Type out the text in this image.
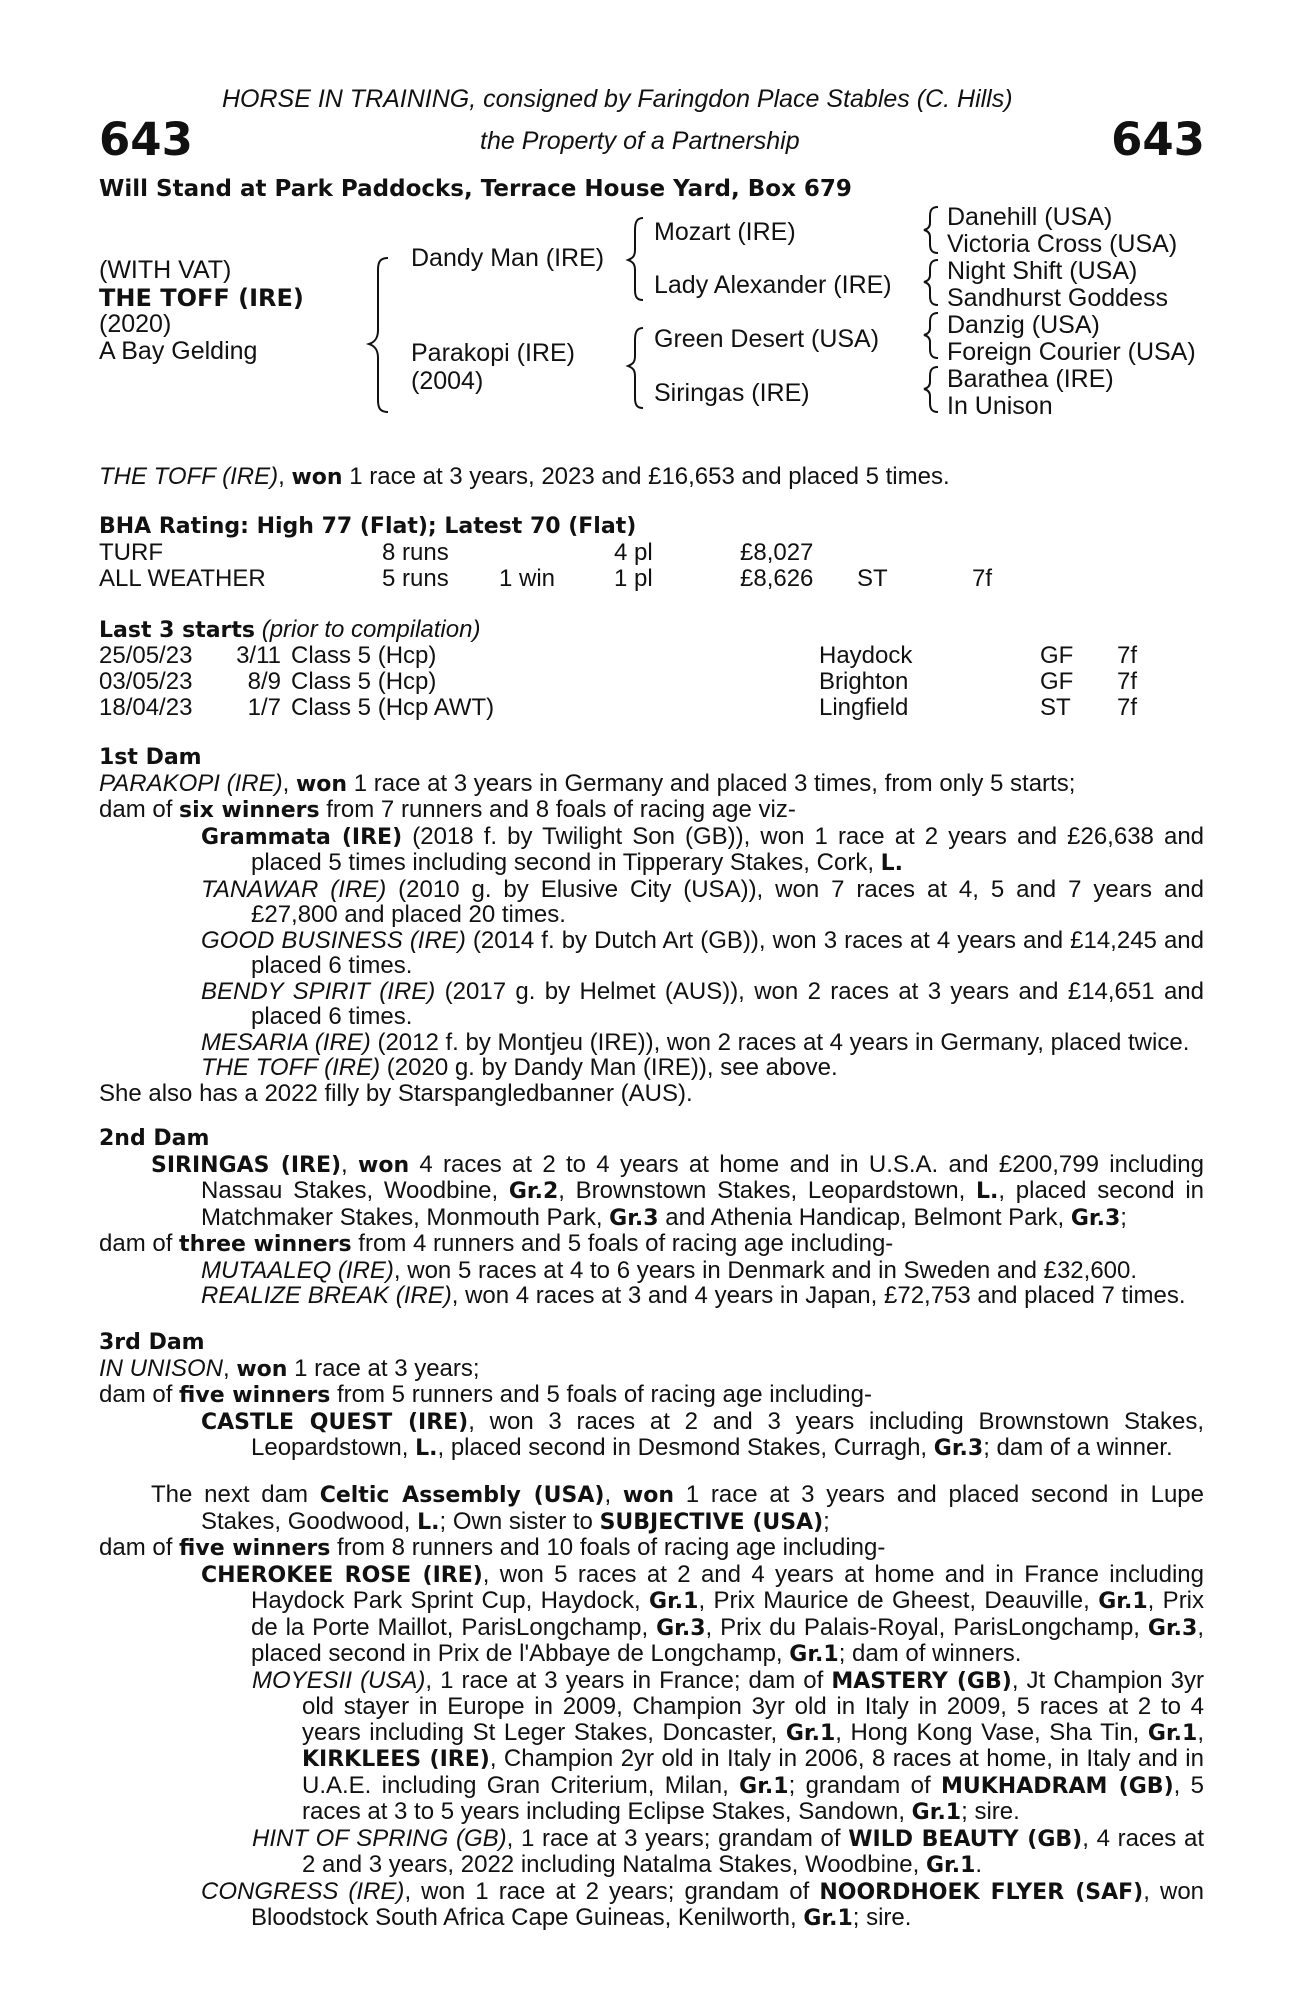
HORSE IN TRAINING, consigned by Faringdon Place Stables (C. Hills)
643	the Property of a Partnership	643
Will Stand at Park Paddocks, Terrace House Yard, Box 679
(WITH VAT)
THE TOFF (IRE)
(2020)
A Bay Gelding
Dandy Man (IRE)
Parakopi (IRE)
(2004)
Mozart (IRE)
Lady Alexander (IRE)
Green Desert (USA)
Siringas (IRE)
Danehill (USA)
Victoria Cross (USA)
Night Shift (USA)
Sandhurst Goddess
Danzig (USA)
Foreign Courier (USA)
Barathea (IRE)
In Unison
THE TOFF (IRE), won 1 race at 3 years, 2023 and £16,653 and placed 5 times.
BHA Rating: High 77 (Flat); Latest 70 (Flat)
TURF	8 runs	4 pl	£8,027
ALL WEATHER	5 runs 1 win 1 pl	£8,626 ST	7f
Last 3 starts (prior to compilation)
25/05/23	3/11 Class 5 (Hcp)	Haydock	GF 7f
03/05/23	8/9 Class 5 (Hcp)	Brighton	GF 7f
18/04/23	1/7 Class 5 (Hcp AWT)	Lingfield	ST 7f

1st Dam

PARAKOPI (IRE), won 1 race at 3 years in Germany and placed 3 times, from only 5 starts;

dam of six winners from 7 runners and 8 foals of racing age viz-

Grammata (IRE) (2018 f. by Twilight Son (GB)), won 1 race at 2 years and £26,638 and placed 5 times including second in Tipperary Stakes, Cork, L.

TANAWAR (IRE) (2010 g. by Elusive City (USA)), won 7 races at 4, 5 and 7 years and £27,800 and placed 20 times.

GOOD BUSINESS (IRE) (2014 f. by Dutch Art (GB)), won 3 races at 4 years and £14,245 and placed 6 times.

BENDY SPIRIT (IRE) (2017 g. by Helmet (AUS)), won 2 races at 3 years and £14,651 and placed 6 times.

MESARIA (IRE) (2012 f. by Montjeu (IRE)), won 2 races at 4 years in Germany, placed twice.

THE TOFF (IRE) (2020 g. by Dandy Man (IRE)), see above.

She also has a 2022 filly by Starspangledbanner (AUS).

2nd Dam

SIRINGAS (IRE), won 4 races at 2 to 4 years at home and in U.S.A. and £200,799 including Nassau Stakes, Woodbine, Gr.2, Brownstown Stakes, Leopardstown, L., placed second in Matchmaker Stakes, Monmouth Park, Gr.3 and Athenia Handicap, Belmont Park, Gr.3;

dam of three winners from 4 runners and 5 foals of racing age including-

MUTAALEQ (IRE), won 5 races at 4 to 6 years in Denmark and in Sweden and £32,600.

REALIZE BREAK (IRE), won 4 races at 3 and 4 years in Japan, £72,753 and placed 7 times.

3rd Dam

IN UNISON, won 1 race at 3 years;

dam of five winners from 5 runners and 5 foals of racing age including-

CASTLE QUEST (IRE), won 3 races at 2 and 3 years including Brownstown Stakes, Leopardstown, L., placed second in Desmond Stakes, Curragh, Gr.3; dam of a winner.

The next dam Celtic Assembly (USA), won 1 race at 3 years and placed second in Lupe Stakes, Goodwood, L.; Own sister to SUBJECTIVE (USA);

dam of five winners from 8 runners and 10 foals of racing age including-

CHEROKEE ROSE (IRE), won 5 races at 2 and 4 years at home and in France including Haydock Park Sprint Cup, Haydock, Gr.1, Prix Maurice de Gheest, Deauville, Gr.1, Prix de la Porte Maillot, ParisLongchamp, Gr.3, Prix du Palais-Royal, ParisLongchamp, Gr.3, placed second in Prix de l'Abbaye de Longchamp, Gr.1; dam of winners.

MOYESII (USA), 1 race at 3 years in France; dam of MASTERY (GB), Jt Champion 3yr old stayer in Europe in 2009, Champion 3yr old in Italy in 2009, 5 races at 2 to 4 years including St Leger Stakes, Doncaster, Gr.1, Hong Kong Vase, Sha Tin, Gr.1, KIRKLEES (IRE), Champion 2yr old in Italy in 2006, 8 races at home, in Italy and in U.A.E. including Gran Criterium, Milan, Gr.1; grandam of MUKHADRAM (GB), 5 races at 3 to 5 years including Eclipse Stakes, Sandown, Gr.1; sire.

HINT OF SPRING (GB), 1 race at 3 years; grandam of WILD BEAUTY (GB), 4 races at 2 and 3 years, 2022 including Natalma Stakes, Woodbine, Gr.1.

CONGRESS (IRE), won 1 race at 2 years; grandam of NOORDHOEK FLYER (SAF), won Bloodstock South Africa Cape Guineas, Kenilworth, Gr.1; sire.
